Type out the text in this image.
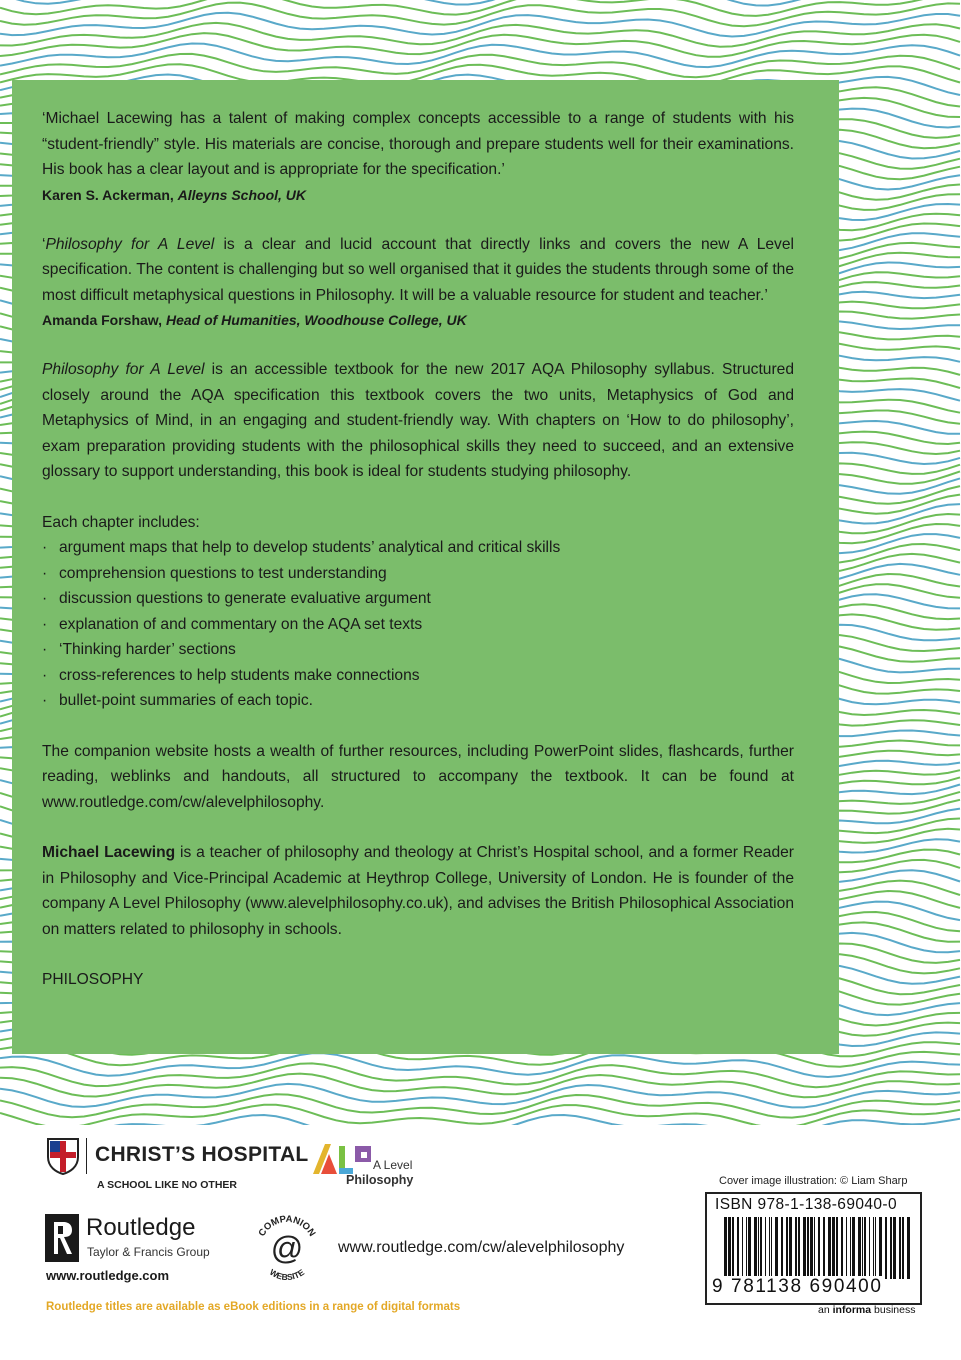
‘Michael Lacewing has a talent of making complex concepts accessible to a range of students with his “student-friendly” style. His materials are concise, thorough and prepare students well for their examinations. His book has a clear layout and is appropriate for the specification.’

Karen S. Ackerman, Alleyns School, UK

‘Philosophy for A Level is a clear and lucid account that directly links and covers the new A Level specification. The content is challenging but so well organised that it guides the students through some of the most difficult metaphysical questions in Philosophy. It will be a valuable resource for student and teacher.’

Amanda Forshaw, Head of Humanities, Woodhouse College, UK

Philosophy for A Level is an accessible textbook for the new 2017 AQA Philosophy syllabus. Structured closely around the AQA specification this textbook covers the two units, Metaphysics of God and Metaphysics of Mind, in an engaging and student-friendly way. With chapters on ‘How to do philosophy’, exam preparation providing students with the philosophical skills they need to succeed, and an extensive glossary to support understanding, this book is ideal for students studying philosophy.

Each chapter includes:

· argument maps that help to develop students’ analytical and critical skills
· comprehension questions to test understanding
· discussion questions to generate evaluative argument
· explanation of and commentary on the AQA set texts
· ‘Thinking harder’ sections
· cross-references to help students make connections
· bullet-point summaries of each topic.

The companion website hosts a wealth of further resources, including PowerPoint slides, flashcards, further reading, weblinks and handouts, all structured to accompany the textbook. It can be found at www.routledge.com/cw/alevelphilosophy.

Michael Lacewing is a teacher of philosophy and theology at Christ’s Hospital school, and a former Reader in Philosophy and Vice-Principal Academic at Heythrop College, University of London. He is founder of the company A Level Philosophy (www.alevelphilosophy.co.uk), and advises the British Philosophical Association on matters related to philosophy in schools.

PHILOSOPHY

CHRIST’S HOSPITAL
A SCHOOL LIKE NO OTHER
A Level
Philosophy
Routledge
Taylor & Francis Group
www.routledge.com
COMPANION
WEBSITE
@ www.routledge.com/cw/alevelphilosophy
Cover image illustration: © Liam Sharp
ISBN 978-1-138-69040-0
9 781138 690400
an informa business
Routledge titles are available as eBook editions in a range of digital formats
